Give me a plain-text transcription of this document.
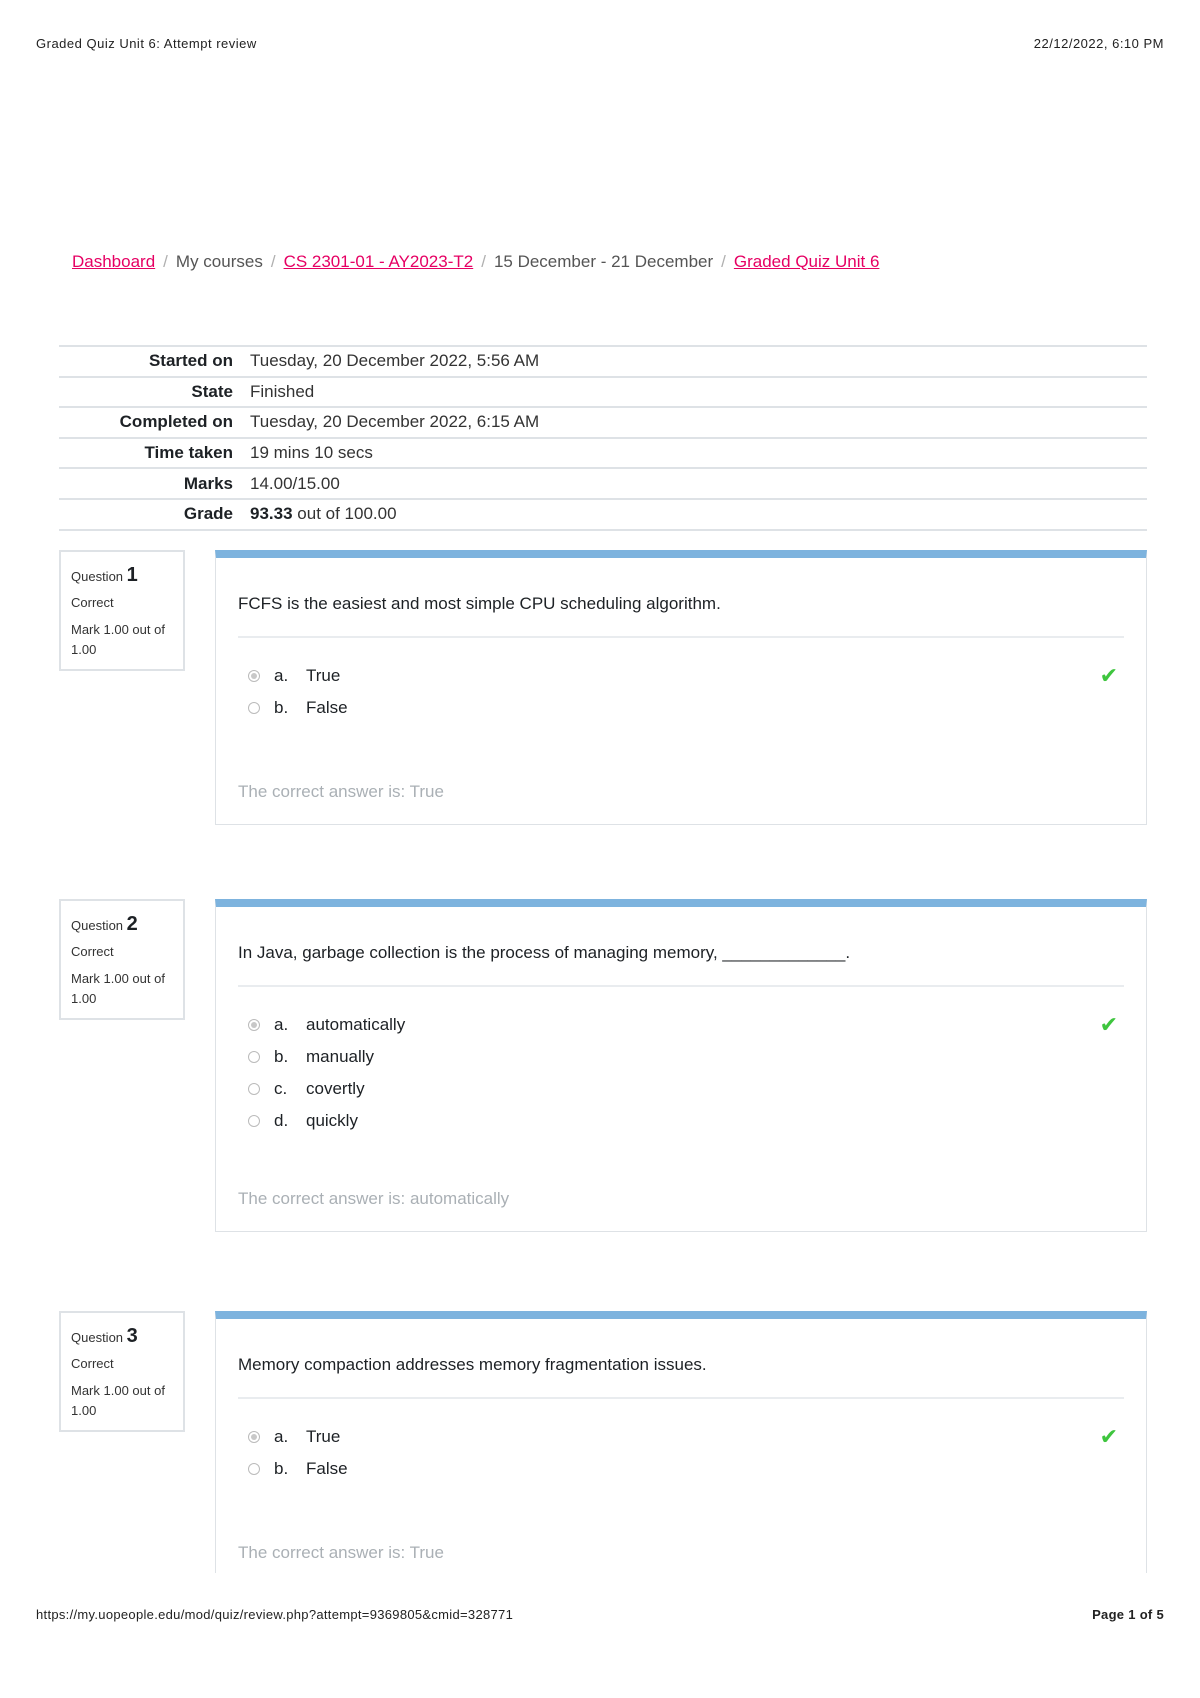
Graded Quiz Unit 6: Attempt review	22/12/2022, 6:10 PM
Dashboard / My courses / CS 2301-01 - AY2023-T2 / 15 December - 21 December / Graded Quiz Unit 6
Started on	Tuesday, 20 December 2022, 5:56 AM
State	Finished
Completed on	Tuesday, 20 December 2022, 6:15 AM
Time taken	19 mins 10 secs
Marks	14.00/15.00
Grade	93.33 out of 100.00
Question 1
Correct
Mark 1.00 out of 1.00
FCFS is the easiest and most simple CPU scheduling algorithm.
a.	True	✔
b.	False
The correct answer is: True
Question 2
Correct
Mark 1.00 out of 1.00
In Java, garbage collection is the process of managing memory, _____________.
a.	automatically	✔
b.	manually
c.	covertly
d.	quickly
The correct answer is: automatically
Question 3
Correct
Mark 1.00 out of 1.00
Memory compaction addresses memory fragmentation issues.
a.	True	✔
b.	False
The correct answer is: True
https://my.uopeople.edu/mod/quiz/review.php?attempt=9369805&cmid=328771	Page 1 of 5
